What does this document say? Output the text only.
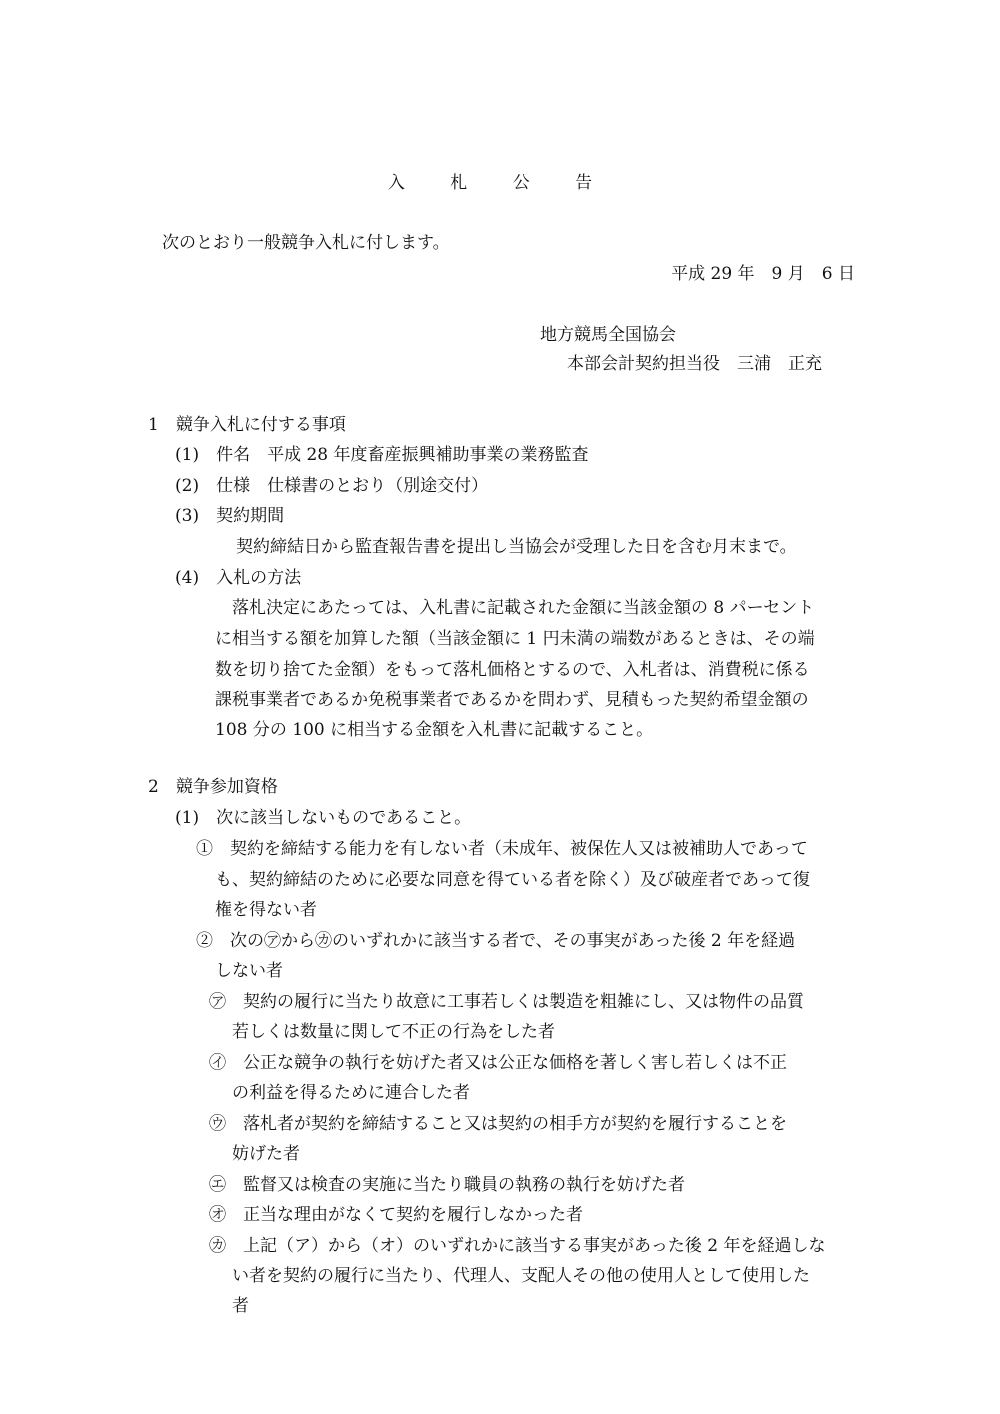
入 札 公 告
次のとおり一般競争入札に付します。
平成 29 年　9 月　6 日
地方競馬全国協会
本部会計契約担当役　三浦　正充
1　競争入札に付する事項
(1)　件名　平成 28 年度畜産振興補助事業の業務監査
(2)　仕様　仕様書のとおり（別途交付）
(3)　契約期間
契約締結日から監査報告書を提出し当協会が受理した日を含む月末まで。
(4)　入札の方法
落札決定にあたっては、入札書に記載された金額に当該金額の 8 パーセント
に相当する額を加算した額（当該金額に 1 円未満の端数があるときは、その端
数を切り捨てた金額）をもって落札価格とするので、入札者は、消費税に係る
課税事業者であるか免税事業者であるかを問わず、見積もった契約希望金額の
108 分の 100 に相当する金額を入札書に記載すること。
2　競争参加資格
(1)　次に該当しないものであること。
①　契約を締結する能力を有しない者（未成年、被保佐人又は被補助人であって
も、契約締結のために必要な同意を得ている者を除く）及び破産者であって復
権を得ない者
②　次の㋐から㋕のいずれかに該当する者で、その事実があった後 2 年を経過
しない者
㋐　契約の履行に当たり故意に工事若しくは製造を粗雑にし、又は物件の品質
若しくは数量に関して不正の行為をした者
㋑　公正な競争の執行を妨げた者又は公正な価格を著しく害し若しくは不正
の利益を得るために連合した者
㋒　落札者が契約を締結すること又は契約の相手方が契約を履行することを
妨げた者
㋓　監督又は検査の実施に当たり職員の執務の執行を妨げた者
㋔　正当な理由がなくて契約を履行しなかった者
㋕　上記（ア）から（オ）のいずれかに該当する事実があった後 2 年を経過しな
い者を契約の履行に当たり、代理人、支配人その他の使用人として使用した
者
